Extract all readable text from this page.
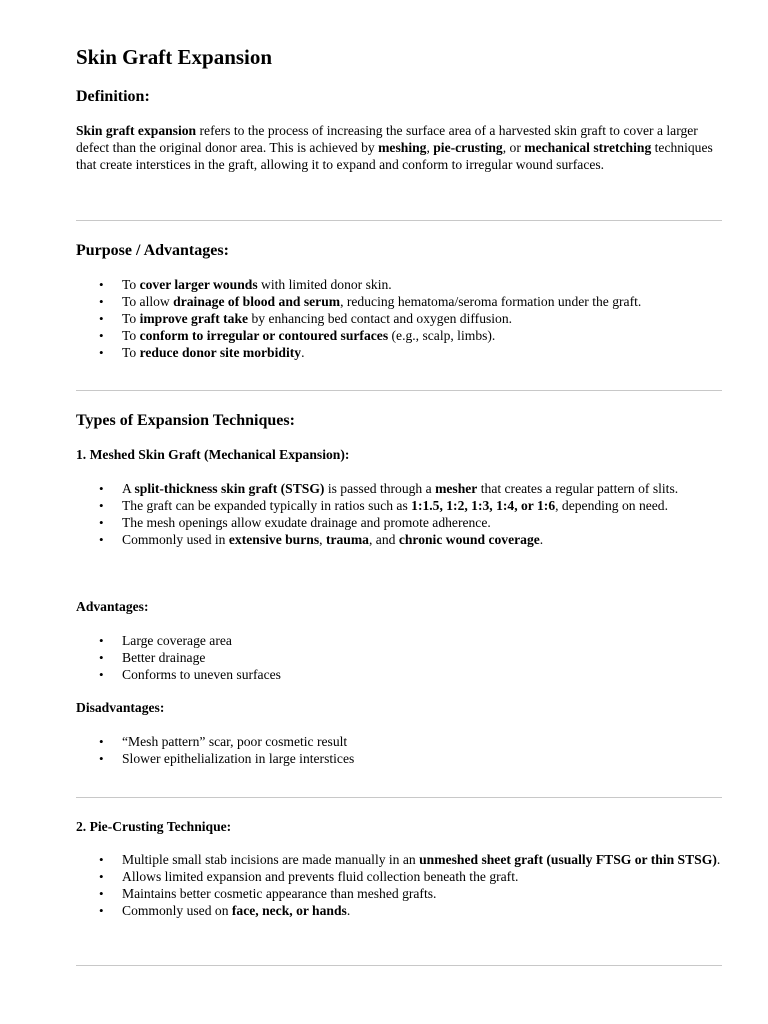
Skin Graft Expansion
Definition:

Skin graft expansion refers to the process of increasing the surface area of a harvested skin graft to cover a larger defect than the original donor area. This is achieved by meshing, pie-crusting, or mechanical stretching techniques that create interstices in the graft, allowing it to expand and conform to irregular wound surfaces.

Purpose / Advantages:
• To cover larger wounds with limited donor skin.
• To allow drainage of blood and serum, reducing hematoma/seroma formation under the graft.
• To improve graft take by enhancing bed contact and oxygen diffusion.
• To conform to irregular or contoured surfaces (e.g., scalp, limbs).
• To reduce donor site morbidity.
Types of Expansion Techniques:
1. Meshed Skin Graft (Mechanical Expansion):
• A split-thickness skin graft (STSG) is passed through a mesher that creates a regular pattern of slits.
• The graft can be expanded typically in ratios such as 1:1.5, 1:2, 1:3, 1:4, or 1:6, depending on need.
• The mesh openings allow exudate drainage and promote adherence.
• Commonly used in extensive burns, trauma, and chronic wound coverage.
Advantages:
• Large coverage area
• Better drainage
• Conforms to uneven surfaces
Disadvantages:
• “Mesh pattern” scar, poor cosmetic result
• Slower epithelialization in large interstices
2. Pie-Crusting Technique:
• Multiple small stab incisions are made manually in an unmeshed sheet graft (usually FTSG or thin STSG).
• Allows limited expansion and prevents fluid collection beneath the graft.
• Maintains better cosmetic appearance than meshed grafts.
• Commonly used on face, neck, or hands.
